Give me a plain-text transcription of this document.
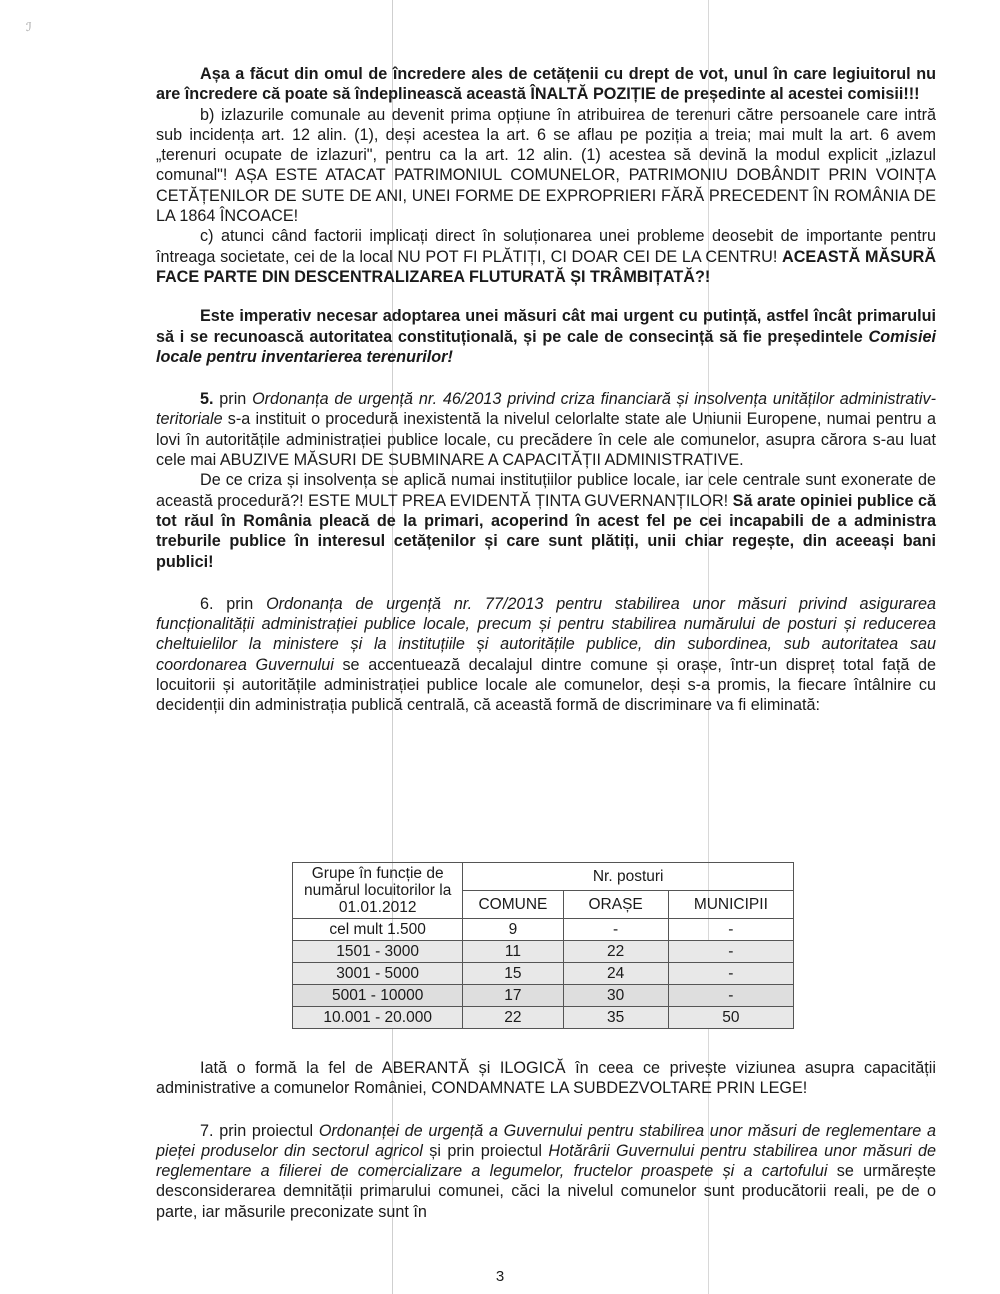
ℐ

Așa a făcut din omul de încredere ales de cetățenii cu drept de vot, unul în care legiuitorul nu are încredere că poate să îndeplinească această ÎNALTĂ POZIȚIE de președinte al acestei comisii!!!

b) izlazurile comunale au devenit prima opțiune în atribuirea de terenuri către persoanele care intră sub incidența art. 12 alin. (1), deși acestea la art. 6 se aflau pe poziția a treia; mai mult la art. 6 avem „terenuri ocupate de izlazuri", pentru ca la art. 12 alin. (1) acestea să devină la modul explicit „izlazul comunal"! AȘA ESTE ATACAT PATRIMONIUL COMUNELOR, PATRIMONIU DOBÂNDIT PRIN VOINȚA CETĂȚENILOR DE SUTE DE ANI, UNEI FORME DE EXPROPRIERI FĂRĂ PRECEDENT ÎN ROMÂNIA DE LA 1864 ÎNCOACE!

c) atunci când factorii implicați direct în soluționarea unei probleme deosebit de importante pentru întreaga societate, cei de la local NU POT FI PLĂTIȚI, CI DOAR CEI DE LA CENTRU! ACEASTĂ MĂSURĂ FACE PARTE DIN DESCENTRALIZAREA FLUTURATĂ ȘI TRÂMBIȚATĂ?!

Este imperativ necesar adoptarea unei măsuri cât mai urgent cu putință, astfel încât primarului să i se recunoască autoritatea constituțională, și pe cale de consecință să fie președintele Comisiei locale pentru inventarierea terenurilor!

5. prin Ordonanța de urgență nr. 46/2013 privind criza financiară și insolvența unităților administrativ-teritoriale s-a instituit o procedură inexistentă la nivelul celorlalte state ale Uniunii Europene, numai pentru a lovi în autoritățile administrației publice locale, cu precădere în cele ale comunelor, asupra cărora s-au luat cele mai ABUZIVE MĂSURI DE SUBMINARE A CAPACITĂȚII ADMINISTRATIVE.

De ce criza și insolvența se aplică numai instituțiilor publice locale, iar cele centrale sunt exonerate de această procedură?! ESTE MULT PREA EVIDENTĂ ȚINTA GUVERNANȚILOR! Să arate opiniei publice că tot răul în România pleacă de la primari, acoperind în acest fel pe cei incapabili de a administra treburile publice în interesul cetățenilor și care sunt plătiți, unii chiar regește, din aceeași bani publici!

6. prin Ordonanța de urgență nr. 77/2013 pentru stabilirea unor măsuri privind asigurarea funcționalității administrației publice locale, precum și pentru stabilirea numărului de posturi și reducerea cheltuielilor la ministere și la instituțiile și autoritățile publice, din subordinea, sub autoritatea sau coordonarea Guvernului se accentuează decalajul dintre comune și orașe, într-un dispreț total față de locuitorii și autoritățile administrației publice locale ale comunelor, deși s-a promis, la fiecare întâlnire cu decidenții din administrația publică centrală, că această formă de discriminare va fi eliminată:

Grupe în funcție de numărul locuitorilor la 01.01.2012	Nr. posturi		
	COMUNE	ORAȘE	MUNICIPII
cel mult 1.500	9	-	-
1501 - 3000	11	22	-
3001 - 5000	15	24	-
5001 - 10000	17	30	-
10.001 - 20.000	22	35	50

Iată o formă la fel de ABERANTĂ și ILOGICĂ în ceea ce privește viziunea asupra capacității administrative a comunelor României, CONDAMNATE LA SUBDEZVOLTARE PRIN LEGE!

7. prin proiectul Ordonanței de urgență a Guvernului pentru stabilirea unor măsuri de reglementare a pieței produselor din sectorul agricol și prin proiectul Hotărârii Guvernului pentru stabilirea unor măsuri de reglementare a filierei de comercializare a legumelor, fructelor proaspete și a cartofului se urmărește desconsiderarea demnității primarului comunei, căci la nivelul comunelor sunt producătorii reali, pe de o parte, iar măsurile preconizate sunt în

3
